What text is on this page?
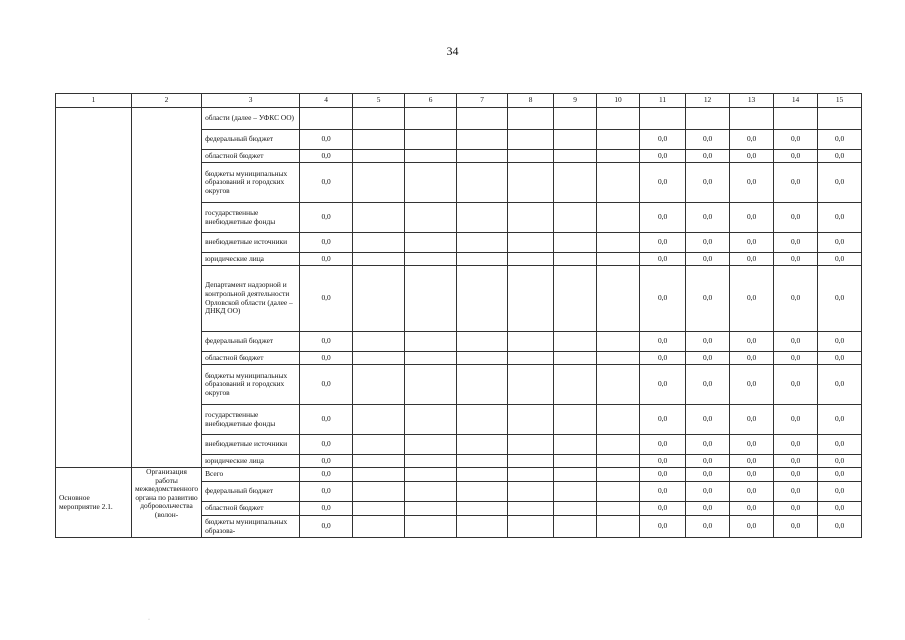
34
1	2	3	4	5	6	7	8	9	10	11	12	13	14	15
		области (далее – УФКС ОО)												
		федеральный бюджет	0,0							0,0	0,0	0,0	0,0	0,0
		областной бюджет	0,0							0,0	0,0	0,0	0,0	0,0
		бюджеты муниципальных образований и городских округов	0,0							0,0	0,0	0,0	0,0	0,0
		государственные внебюджетные фонды	0,0							0,0	0,0	0,0	0,0	0,0
		внебюджетные источники	0,0							0,0	0,0	0,0	0,0	0,0
		юридические лица	0,0							0,0	0,0	0,0	0,0	0,0
		Департамент надзорной и контрольной деятельности Орловской области (далее – ДНКД ОО)	0,0							0,0	0,0	0,0	0,0	0,0
		федеральный бюджет	0,0							0,0	0,0	0,0	0,0	0,0
		областной бюджет	0,0							0,0	0,0	0,0	0,0	0,0
		бюджеты муниципальных образований и городских округов	0,0							0,0	0,0	0,0	0,0	0,0
		государственные внебюджетные фонды	0,0							0,0	0,0	0,0	0,0	0,0
		внебюджетные источники	0,0							0,0	0,0	0,0	0,0	0,0
		юридические лица	0,0							0,0	0,0	0,0	0,0	0,0
Основное мероприятие 2.1.	Организация работы межведомственного органа по развитию добровольчества (волон-	Всего	0,0							0,0	0,0	0,0	0,0	0,0
		федеральный бюджет	0,0							0,0	0,0	0,0	0,0	0,0
		областной бюджет	0,0							0,0	0,0	0,0	0,0	0,0
		бюджеты муниципальных образова-	0,0							0,0	0,0	0,0	0,0	0,0
·
